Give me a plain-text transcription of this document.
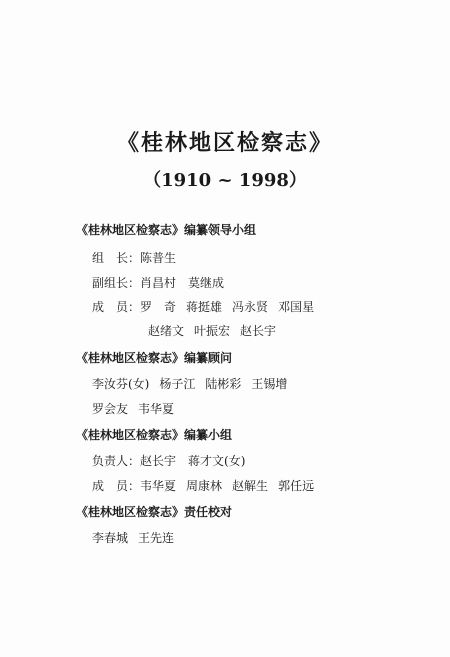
《桂林地区检察志》
（1910 ~ 1998）
《桂林地区检察志》编纂领导小组
组　长：陈普生
副组长：肖昌村　莫继成
成　员：罗　奇 蒋挺雄 冯永贤 邓国星
赵绪文 叶振宏 赵长宇
《桂林地区检察志》编纂顾问
李汝芬(女) 杨子江 陆彬彩 王锡增
罗会友 韦华夏
《桂林地区检察志》编纂小组
负责人：赵长宇　蒋才文(女)
成　员：韦华夏 周康林 赵解生 郭任远
《桂林地区检察志》责任校对
李春城 王先连
